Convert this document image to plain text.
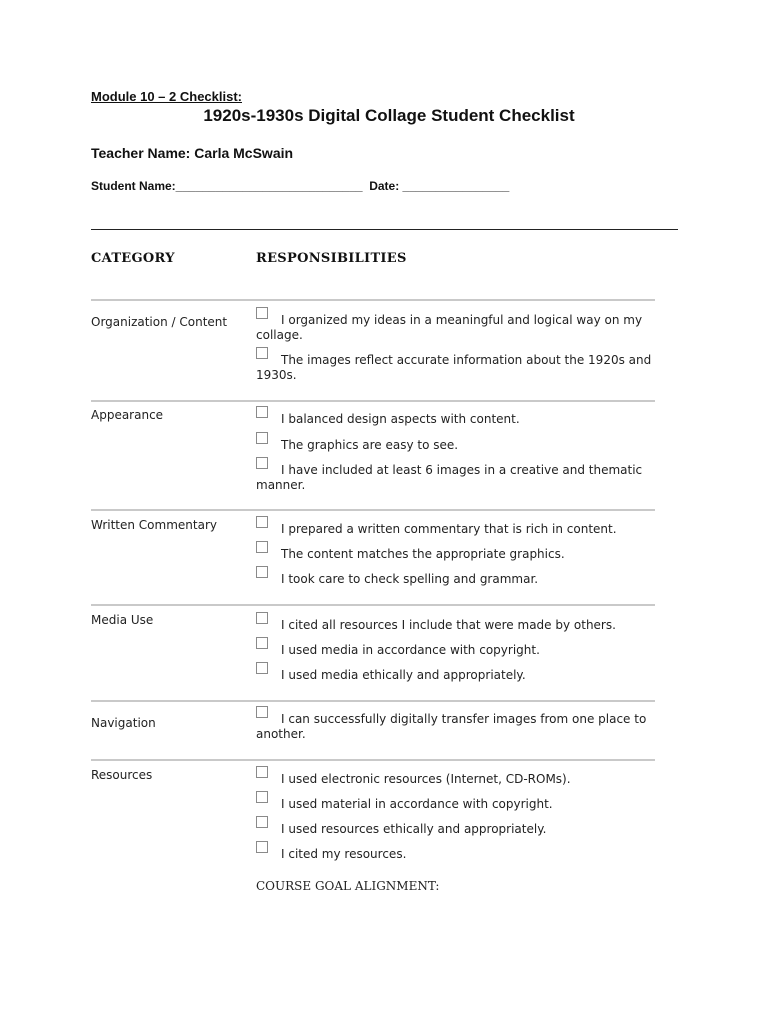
Module 10 – 2 Checklist:
1920s-1930s Digital Collage Student Checklist
Teacher Name: Carla McSwain
Student Name:____________________________  Date: ________________
CATEGORY	RESPONSIBILITIES
Organization / Content	I organized my ideas in a meaningful and logical way on my collage.
The images reflect accurate information about the 1920s and 1930s.
Appearance	I balanced design aspects with content.
The graphics are easy to see.
I have included at least 6 images in a creative and thematic manner.
Written Commentary	I prepared a written commentary that is rich in content.
The content matches the appropriate graphics.
I took care to check spelling and grammar.
Media Use	I cited all resources I include that were made by others.
I used media in accordance with copyright.
I used media ethically and appropriately.
Navigation	I can successfully digitally transfer images from one place to another.
Resources	I used electronic resources (Internet, CD-ROMs).
I used material in accordance with copyright.
I used resources ethically and appropriately.
I cited my resources.
COURSE GOAL ALIGNMENT:
